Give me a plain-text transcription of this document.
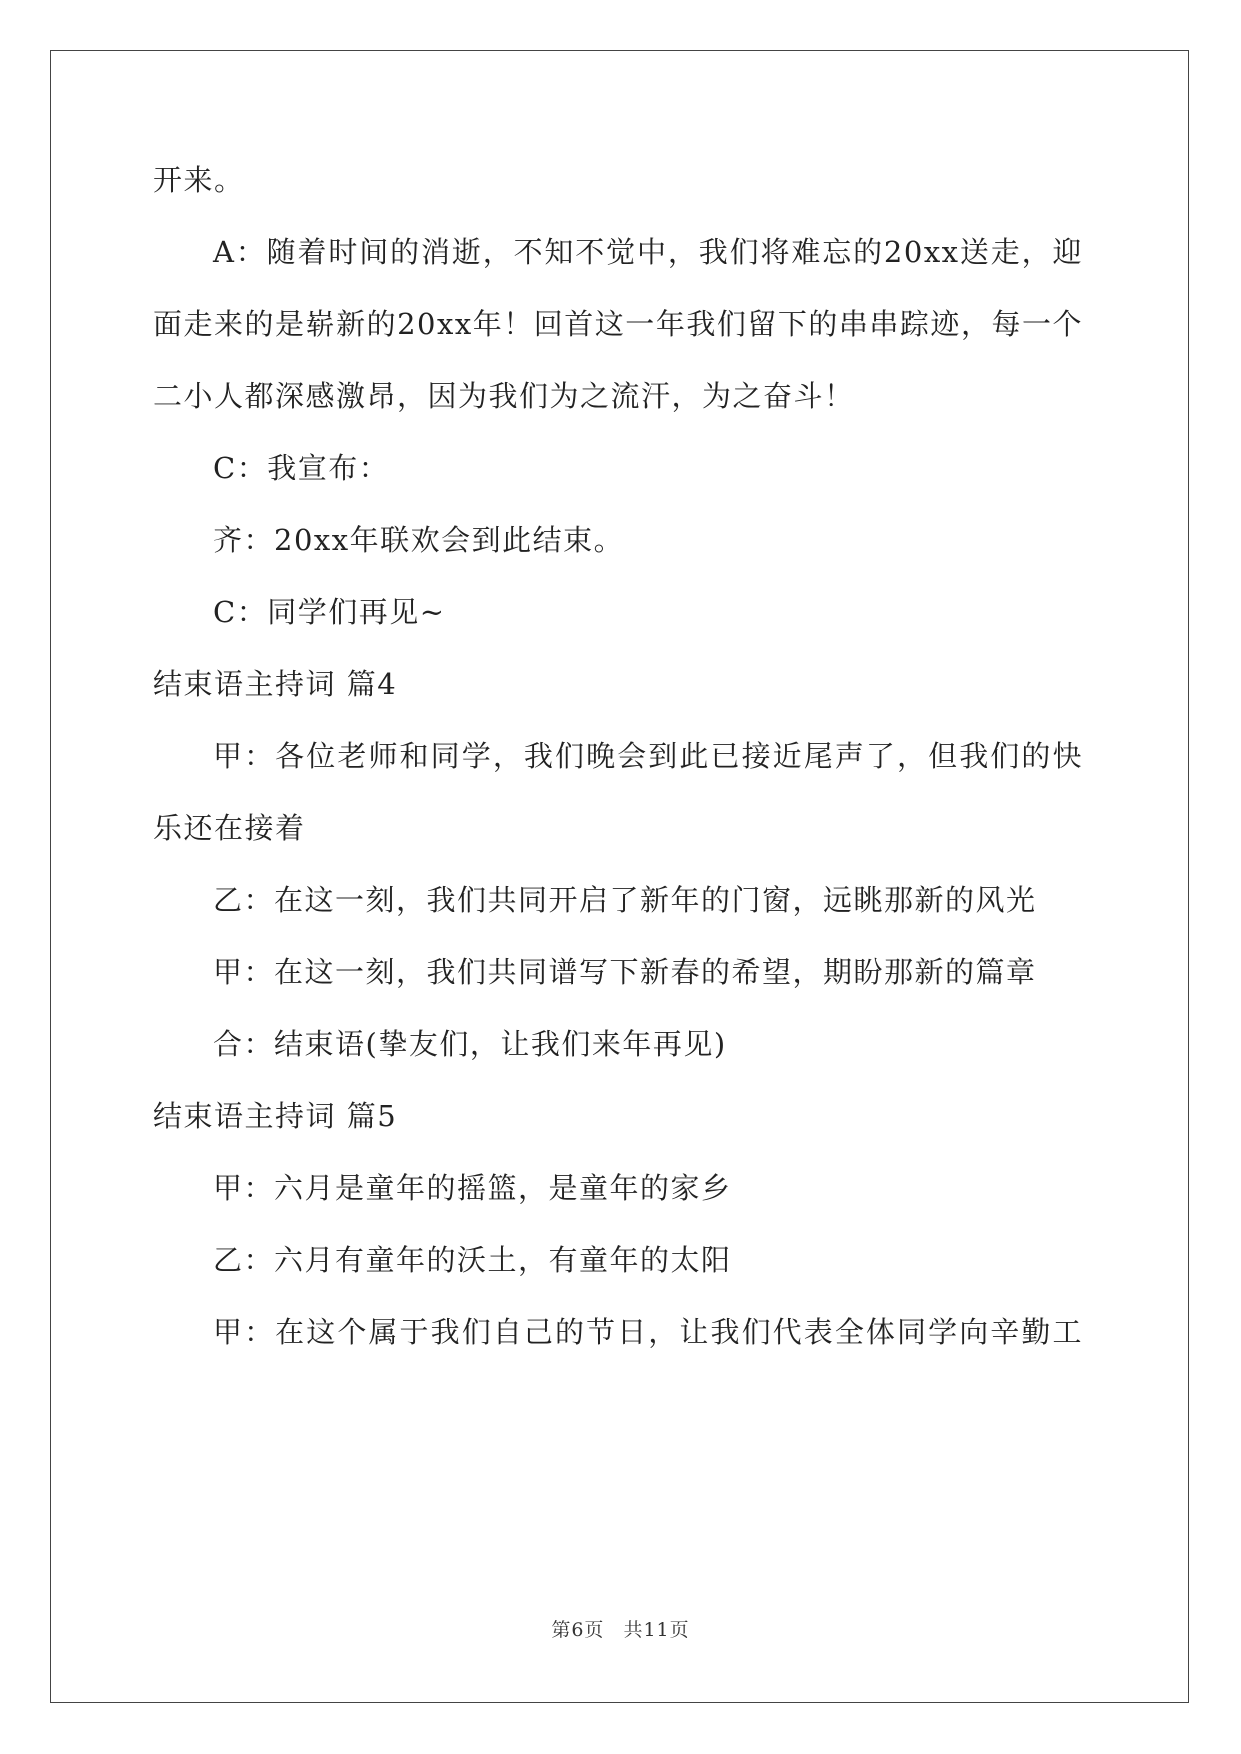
开来。
A：随着时间的消逝，不知不觉中，我们将难忘的20xx送走，迎
面走来的是崭新的20xx年！回首这一年我们留下的串串踪迹，每一个
二小人都深感激昂，因为我们为之流汗，为之奋斗！
C：我宣布：
齐：20xx年联欢会到此结束。
C：同学们再见~
结束语主持词 篇4
甲：各位老师和同学，我们晚会到此已接近尾声了，但我们的快
乐还在接着
乙：在这一刻，我们共同开启了新年的门窗，远眺那新的风光
甲：在这一刻，我们共同谱写下新春的希望，期盼那新的篇章
合：结束语(挚友们，让我们来年再见)
结束语主持词 篇5
甲：六月是童年的摇篮，是童年的家乡
乙：六月有童年的沃土，有童年的太阳
甲：在这个属于我们自己的节日，让我们代表全体同学向辛勤工
第6页 共11页
